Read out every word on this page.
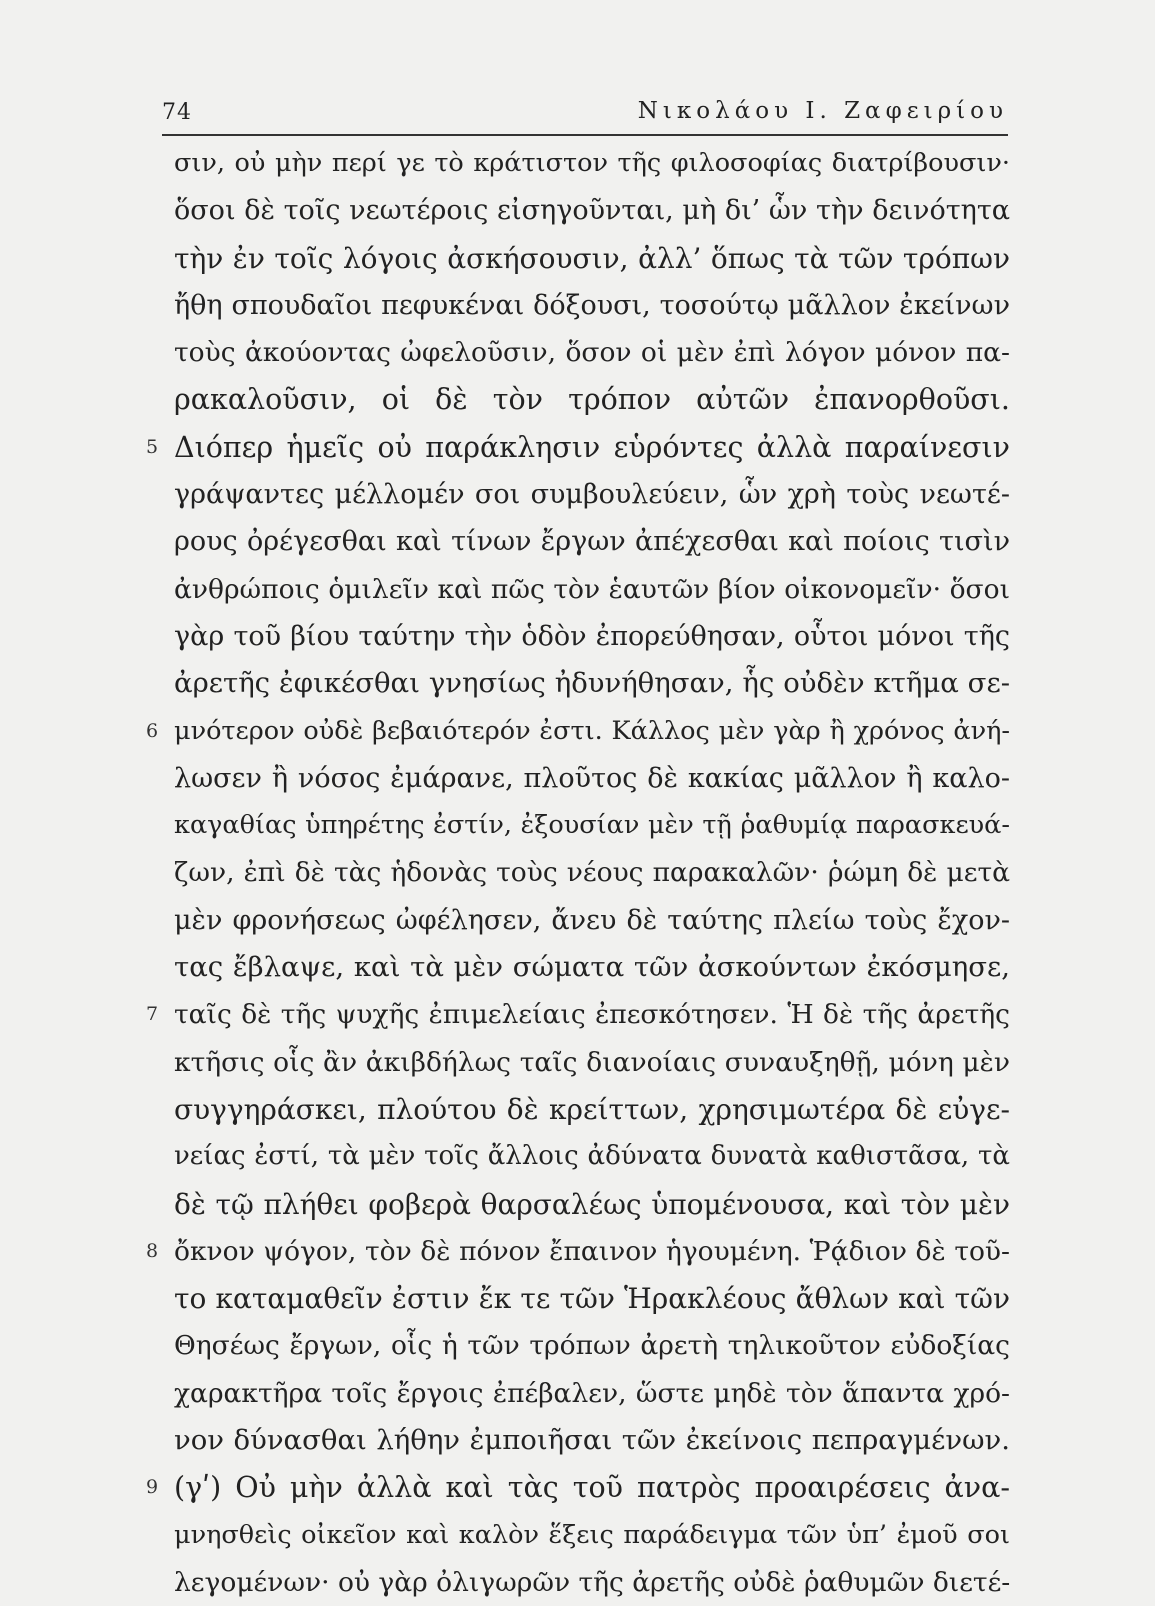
74	Νικολάου Ι. Ζαφειρίου
σιν, οὐ μὴν περί γε τὸ κράτιστον τῆς φιλοσοφίας διατρίβουσιν·
ὅσοι δὲ τοῖς νεωτέροις εἰσηγοῦνται, μὴ δι’ ὧν τὴν δεινότητα
τὴν ἐν τοῖς λόγοις ἀσκήσουσιν, ἀλλ’ ὅπως τὰ τῶν τρόπων
ἤθη σπουδαῖοι πεφυκέναι δόξουσι, τοσούτῳ μᾶλλον ἐκείνων
τοὺς ἀκούοντας ὠφελοῦσιν, ὅσον οἱ μὲν ἐπὶ λόγον μόνον πα-
ρακαλοῦσιν, οἱ δὲ τὸν τρόπον αὐτῶν ἐπανορθοῦσι.
5 Διόπερ ἡμεῖς οὐ παράκλησιν εὑρόντες ἀλλὰ παραίνεσιν
γράψαντες μέλλομέν σοι συμβουλεύειν, ὧν χρὴ τοὺς νεωτέ-
ρους ὀρέγεσθαι καὶ τίνων ἔργων ἀπέχεσθαι καὶ ποίοις τισὶν
ἀνθρώποις ὁμιλεῖν καὶ πῶς τὸν ἑαυτῶν βίον οἰκονομεῖν· ὅσοι
γὰρ τοῦ βίου ταύτην τὴν ὁδὸν ἐπορεύθησαν, οὗτοι μόνοι τῆς
ἀρετῆς ἐφικέσθαι γνησίως ἠδυνήθησαν, ἧς οὐδὲν κτῆμα σε-
6 μνότερον οὐδὲ βεβαιότερόν ἐστι. Κάλλος μὲν γὰρ ἢ χρόνος ἀνή-
λωσεν ἢ νόσος ἐμάρανε, πλοῦτος δὲ κακίας μᾶλλον ἢ καλο-
καγαθίας ὑπηρέτης ἐστίν, ἐξουσίαν μὲν τῇ ῥαθυμίᾳ παρασκευά-
ζων, ἐπὶ δὲ τὰς ἡδονὰς τοὺς νέους παρακαλῶν· ῥώμη δὲ μετὰ
μὲν φρονήσεως ὠφέλησεν, ἄνευ δὲ ταύτης πλείω τοὺς ἔχον-
τας ἔβλαψε, καὶ τὰ μὲν σώματα τῶν ἀσκούντων ἐκόσμησε,
7 ταῖς δὲ τῆς ψυχῆς ἐπιμελείαις ἐπεσκότησεν. Ἡ δὲ τῆς ἀρετῆς
κτῆσις οἷς ἂν ἀκιβδήλως ταῖς διανοίαις συναυξηθῇ, μόνη μὲν
συγγηράσκει, πλούτου δὲ κρείττων, χρησιμωτέρα δὲ εὐγε-
νείας ἐστί, τὰ μὲν τοῖς ἄλλοις ἀδύνατα δυνατὰ καθιστᾶσα, τὰ
δὲ τῷ πλήθει φοβερὰ θαρσαλέως ὑπομένουσα, καὶ τὸν μὲν
8 ὄκνον ψόγον, τὸν δὲ πόνον ἔπαινον ἡγουμένη. Ῥᾴδιον δὲ τοῦ-
το καταμαθεῖν ἐστιν ἔκ τε τῶν Ἡρακλέους ἄθλων καὶ τῶν
Θησέως ἔργων, οἷς ἡ τῶν τρόπων ἀρετὴ τηλικοῦτον εὐδοξίας
χαρακτῆρα τοῖς ἔργοις ἐπέβαλεν, ὥστε μηδὲ τὸν ἅπαντα χρό-
νον δύνασθαι λήθην ἐμποιῆσαι τῶν ἐκείνοις πεπραγμένων.
9 (γʹ) Οὐ μὴν ἀλλὰ καὶ τὰς τοῦ πατρὸς προαιρέσεις ἀνα-
μνησθεὶς οἰκεῖον καὶ καλὸν ἕξεις παράδειγμα τῶν ὑπ’ ἐμοῦ σοι
λεγομένων· οὐ γὰρ ὀλιγωρῶν τῆς ἀρετῆς οὐδὲ ῥαθυμῶν διετέ-
